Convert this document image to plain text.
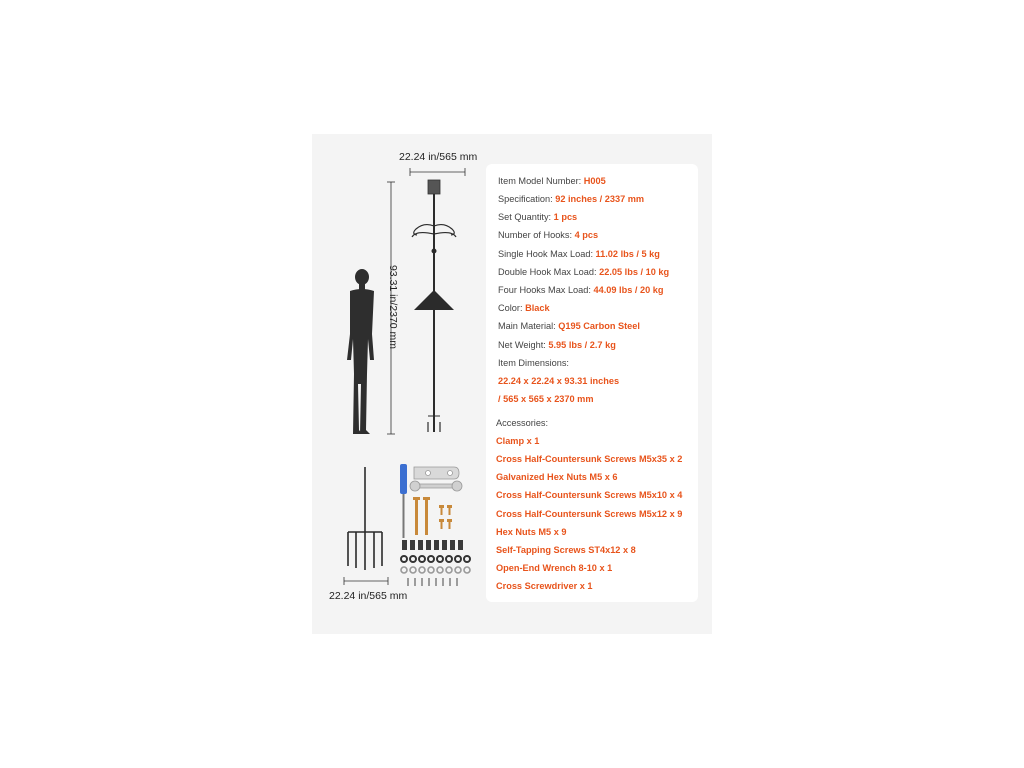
22.24 in/565 mm
93.31 in/2370 mm
22.24 in/565 mm
Item Model Number: H005
Specification: 92 inches / 2337 mm
Set Quantity: 1 pcs
Number of Hooks: 4 pcs
Single Hook Max Load: 11.02 lbs / 5 kg
Double Hook Max Load: 22.05 lbs / 10 kg
Four Hooks Max Load: 44.09 lbs / 20 kg
Color: Black
Main Material: Q195 Carbon Steel
Net Weight: 5.95 lbs / 2.7 kg
Item Dimensions:
22.24 x 22.24 x 93.31 inches
/ 565 x 565 x 2370 mm
Accessories:
Clamp x 1
Cross Half-Countersunk Screws M5x35 x 2
Galvanized Hex Nuts M5 x 6
Cross Half-Countersunk Screws M5x10 x 4
Cross Half-Countersunk Screws M5x12 x 9
Hex Nuts M5 x 9
Self-Tapping Screws ST4x12 x 8
Open-End Wrench 8-10 x 1
Cross Screwdriver x 1
